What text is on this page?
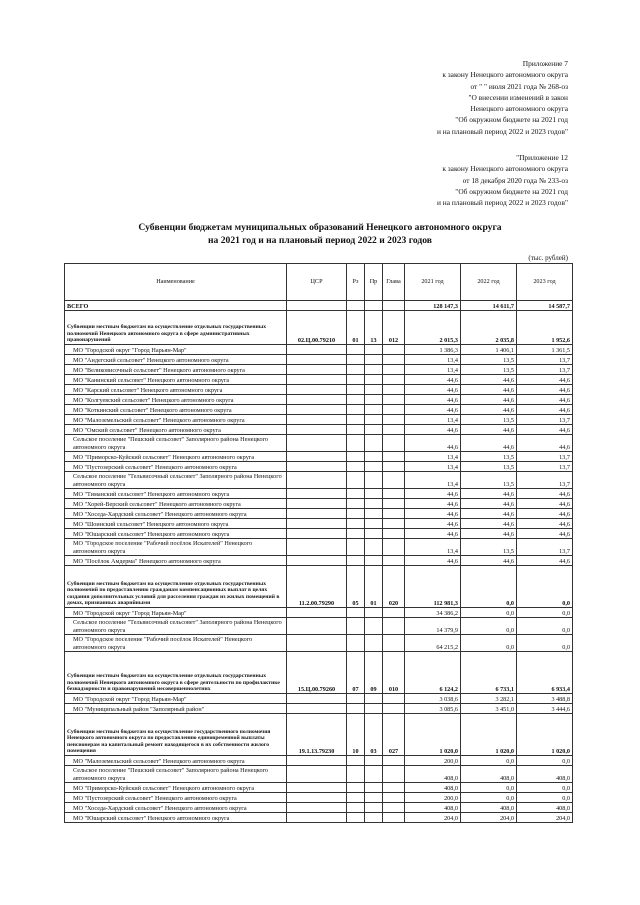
Приложение 7
к закону Ненецкого автономного округа
от " " июля 2021 года № 268-оз
"О внесении изменений в закон
Ненецкого автономного округа
"Об окружном бюджете на 2021 год
и на плановый период 2022 и 2023 годов"
"Приложение 12
к закону Ненецкого автономного округа
от 18 декабря 2020 года № 233-оз
"Об окружном бюджете на 2021 год
и на плановый период 2022 и 2023 годов"
Субвенции бюджетам муниципальных образований Ненецкого автономного округа
на 2021 год и на плановый период 2022 и 2023 годов
(тыс. рублей)
Наименование	ЦСР	Рз	Пр	Главa	2021 год	2022 год	2023 год
ВСЕГО					128 147,3	14 611,7	14 587,7
Субвенции местным бюджетам на осуществление отдельных государственных полномочий Ненецкого автономного округа в сфере административных правонарушений	02.Ц.00.79210	01	13	012	2 015,3	2 035,8	1 952,6
МО "Городской округ "Город Нарьян-Мар"					1 386,3	1 406,1	1 361,5
МО "Андегский сельсовет" Ненецкого автономного округа					13,4	13,5	13,7
МО "Великовисочный сельсовет" Ненецкого автономного округа					13,4	13,5	13,7
МО "Канинский сельсовет" Ненецкого автономного округа					44,6	44,6	44,6
МО "Карский сельсовет" Ненецкого автономного округа					44,6	44,6	44,6
МО "Колгуевский сельсовет" Ненецкого автономного округа					44,6	44,6	44,6
МО "Коткинский сельсовет" Ненецкого автономного округа					44,6	44,6	44,6
МО "Малоземельский сельсовет" Ненецкого автономного округа					13,4	13,5	13,7
МО "Омский сельсовет" Ненецкого автономного округа					44,6	44,6	44,6
Сельское поселение "Пешский сельсовет" Заполярного района Ненецкого автономного округа					44,6	44,6	44,6
МО "Приморско-Куйский сельсовет" Ненецкого автономного округа					13,4	13,5	13,7
МО "Пустозерский сельсовет" Ненецкого автономного округа					13,4	13,5	13,7
Сельское поселение "Тельвисочный сельсовет" Заполярного района Ненецкого автономного округа					13,4	13,5	13,7
МО "Тиманский сельсовет" Ненецкого автономного округа					44,6	44,6	44,6
МО "Хорей-Верский сельсовет" Ненецкого автономного округа					44,6	44,6	44,6
МО "Хоседа-Хардский сельсовет" Ненецкого автономного округа					44,6	44,6	44,6
МО "Шоинский сельсовет" Ненецкого автономного округа					44,6	44,6	44,6
МО "Юшарский сельсовет" Ненецкого автономного округа					44,6	44,6	44,6
МО "Городское поселение "Рабочий посёлок Искателей" Ненецкого автономного округа					13,4	13,5	13,7
МО "Посёлок Амдерма" Ненецкого автономного округа					44,6	44,6	44,6
Субвенции местным бюджетам на осуществление отдельных государственных полномочий по предоставлению гражданам компенсационных выплат в целях создания дополнительных условий для расселения граждан из жилых помещений в домах, признанных аварийными	11.2.00.79290	05	01	020	112 981,3	0,0	0,0
МО "Городской округ "Город Нарьян-Мар"					34 386,2	0,0	0,0
Сельское поселение "Тельвисочный сельсовет" Заполярного района Ненецкого автономного округа					14 379,9	0,0	0,0
МО "Городское поселение "Рабочий посёлок Искателей" Ненецкого автономного округа					64 215,2	0,0	0,0
Субвенции местным бюджетам на осуществление отдельных государственных полномочий Ненецкого автономного округа в сфере деятельности по профилактике безнадзорности и правонарушений несовершеннолетних	15.Ц.00.79260	07	09	010	6 124,2	6 733,1	6 933,4
МО "Городской округ "Город Нарьян-Мар"					3 038,6	3 282,1	3 488,8
МО "Муниципальный район "Заполярный район"					3 085,6	3 451,0	3 444,6
Субвенции местным бюджетам на осуществление государственного полномочия Ненецкого автономного округа по предоставлению единовременной выплаты пенсионерам на капитальный ремонт находящегося в их собственности жилого помещения	19.1.13.79230	10	03	027	1 020,0	1 020,0	1 020,0
МО "Малоземельский сельсовет" Ненецкого автономного округа					200,0	0,0	0,0
Сельское поселение "Пешский сельсовет" Заполярного района Ненецкого автономного округа					408,0	408,0	408,0
МО "Приморско-Куйский сельсовет" Ненецкого автономного округа					408,0	0,0	0,0
МО "Пустозерский сельсовет" Ненецкого автономного округа					200,0	0,0	0,0
МО "Хоседа-Хардский сельсовет" Ненецкого автономного округа					408,0	408,0	408,0
МО "Юшарский сельсовет" Ненецкого автономного округа					204,0	204,0	204,0
